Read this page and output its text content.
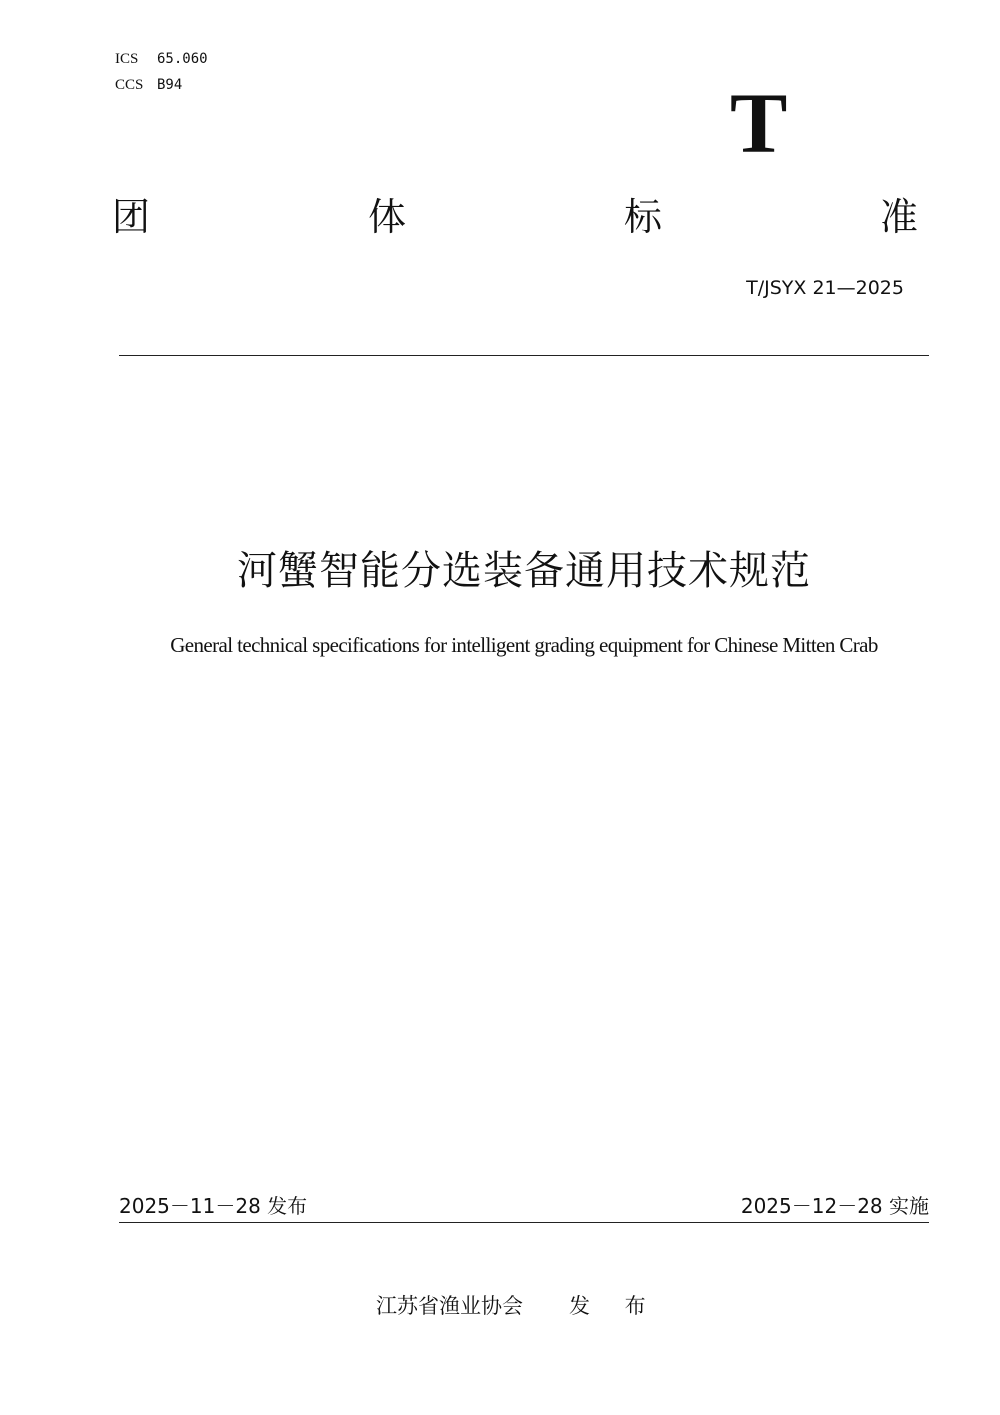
ICS 65.060
CCS B94	T
团	体	标	准
T/JSYX 21—2025
河蟹智能分选装备通用技术规范
General technical specifications for intelligent grading equipment for Chinese Mitten Crab
2025－11－28 发布	2025－12－28 实施
江苏省渔业协会 发 布
